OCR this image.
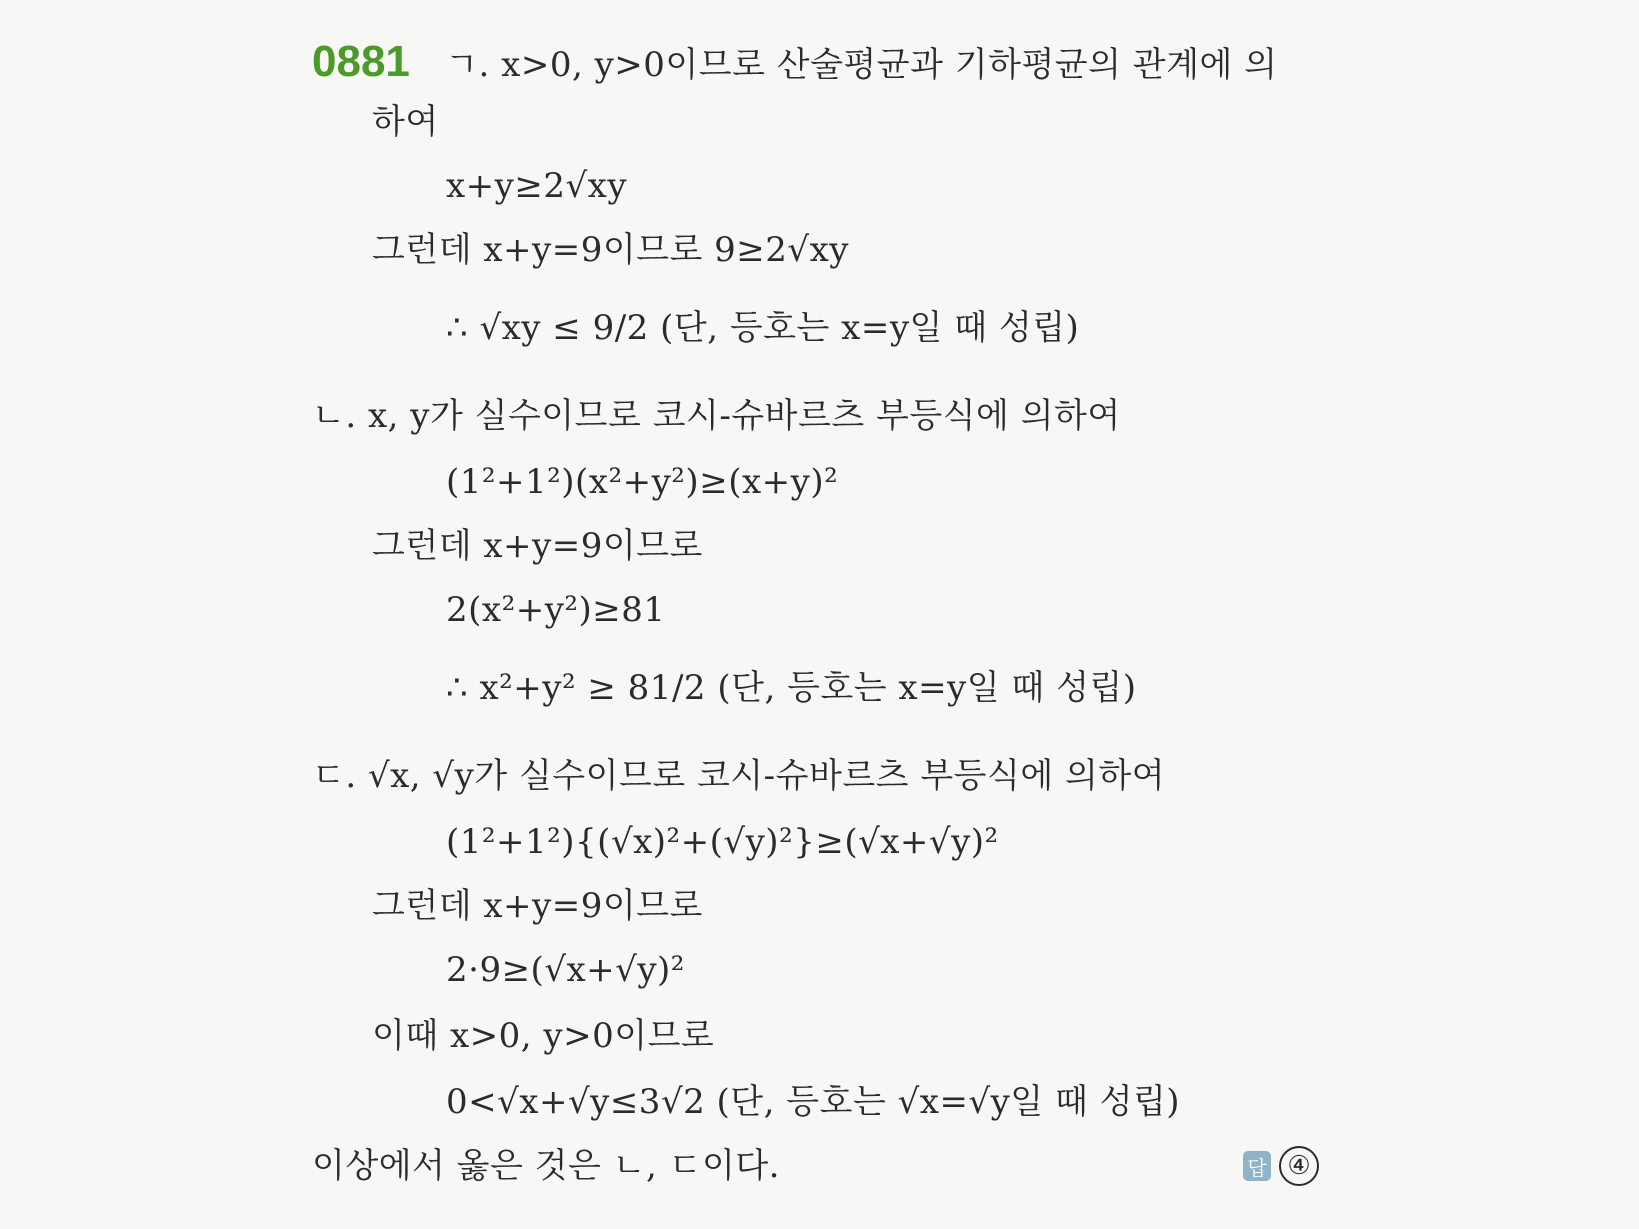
0881 ㄱ. x>0, y>0이므로 산술평균과 기하평균의 관계에 의
하여
x+y≥2√xy
그런데 x+y=9이므로 9≥2√xy
∴ √xy ≤ 9/2 (단, 등호는 x=y일 때 성립)
ㄴ. x, y가 실수이므로 코시-슈바르츠 부등식에 의하여
(1²+1²)(x²+y²)≥(x+y)²
그런데 x+y=9이므로
2(x²+y²)≥81
∴ x²+y² ≥ 81/2 (단, 등호는 x=y일 때 성립)
ㄷ. √x, √y가 실수이므로 코시-슈바르츠 부등식에 의하여
(1²+1²){(√x)²+(√y)²}≥(√x+√y)²
그런데 x+y=9이므로
2·9≥(√x+√y)²
이때 x>0, y>0이므로
0<√x+√y≤3√2 (단, 등호는 √x=√y일 때 성립)
이상에서 옳은 것은 ㄴ, ㄷ이다.	답 ④
